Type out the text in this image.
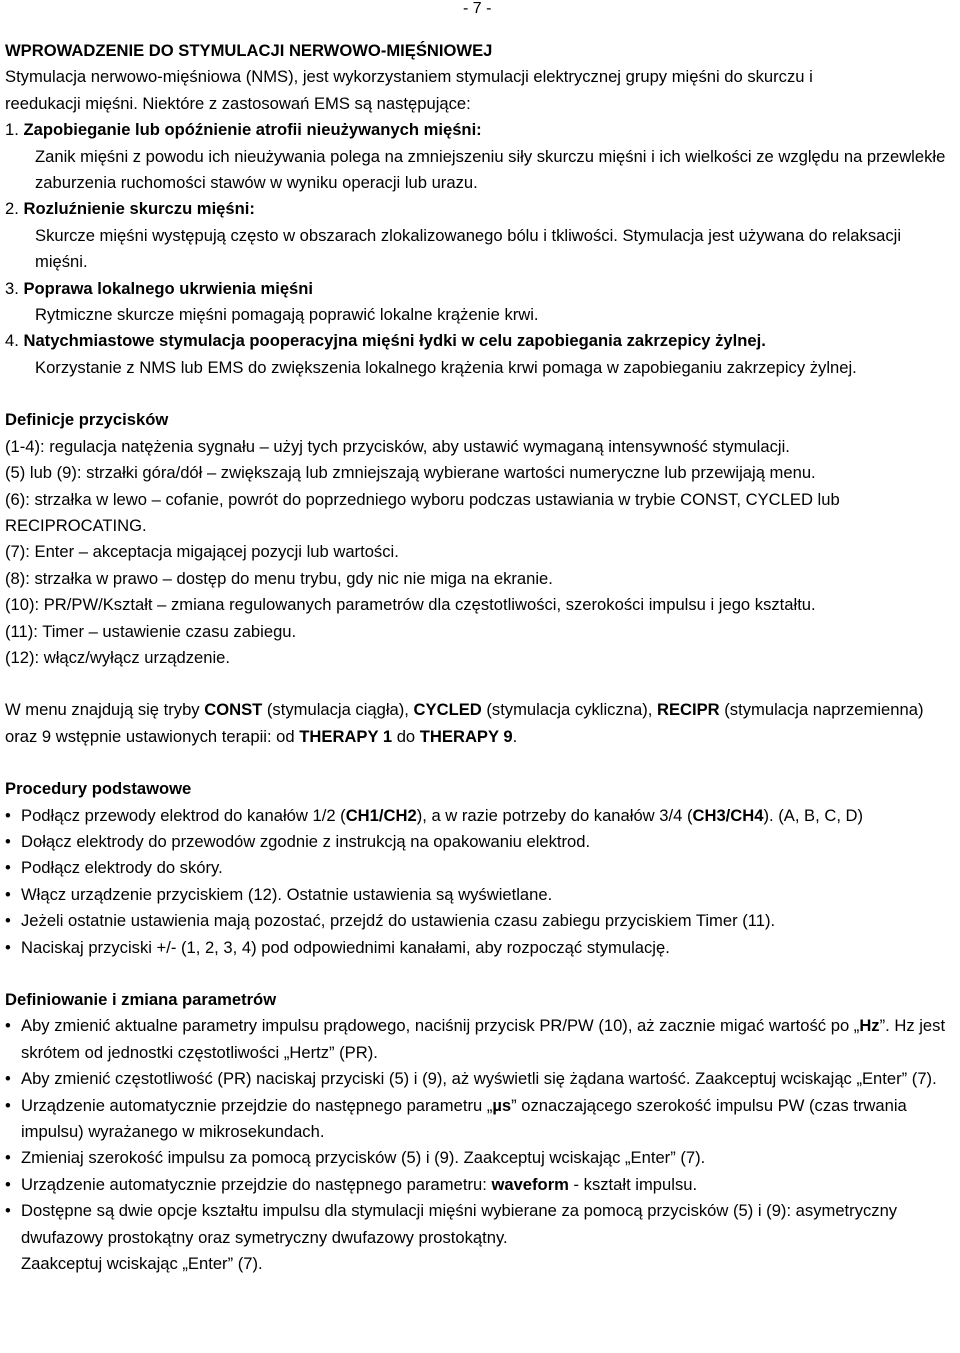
- 7 -

WPROWADZENIE DO STYMULACJI NERWOWO-MIĘŚNIOWEJ

Stymulacja nerwowo-mięśniowa (NMS), jest wykorzystaniem stymulacji elektrycznej grupy mięśni do skurczu i

reedukacji mięśni. Niektóre z zastosowań EMS są następujące:

1. Zapobieganie lub opóźnienie atrofii nieużywanych mięśni:

Zanik mięśni z powodu ich nieużywania polega na zmniejszeniu siły skurczu mięśni i ich wielkości ze względu na przewlekłe zaburzenia ruchomości stawów w wyniku operacji lub urazu.

2. Rozluźnienie skurczu mięśni:

Skurcze mięśni występują często w obszarach zlokalizowanego bólu i tkliwości. Stymulacja jest używana do relaksacji mięśni.

3. Poprawa lokalnego ukrwienia mięśni

Rytmiczne skurcze mięśni pomagają poprawić lokalne krążenie krwi.

4. Natychmiastowe stymulacja pooperacyjna mięśni łydki w celu zapobiegania zakrzepicy żylnej.

Korzystanie z NMS lub EMS do zwiększenia lokalnego krążenia krwi pomaga w zapobieganiu zakrzepicy żylnej.

Definicje przycisków

(1-4): regulacja natężenia sygnału – użyj tych przycisków, aby ustawić wymaganą intensywność stymulacji.

(5) lub (9): strzałki góra/dół – zwiększają lub zmniejszają wybierane wartości numeryczne lub przewijają menu.

(6): strzałka w lewo – cofanie, powrót do poprzedniego wyboru podczas ustawiania w trybie CONST, CYCLED lub RECIPROCATING.

(7): Enter – akceptacja migającej pozycji lub wartości.

(8): strzałka w prawo – dostęp do menu trybu, gdy nic nie miga na ekranie.

(10): PR/PW/Kształt – zmiana regulowanych parametrów dla częstotliwości, szerokości impulsu i jego kształtu.

(11): Timer – ustawienie czasu zabiegu.

(12): włącz/wyłącz urządzenie.

W menu znajdują się tryby CONST (stymulacja ciągła), CYCLED (stymulacja cykliczna), RECIPR (stymulacja naprzemienna) oraz 9 wstępnie ustawionych terapii: od THERAPY 1 do THERAPY 9.

Procedury podstawowe

• Podłącz przewody elektrod do kanałów 1/2 (CH1/CH2), a w razie potrzeby do kanałów 3/4 (CH3/CH4). (A, B, C, D)
• Dołącz elektrody do przewodów zgodnie z instrukcją na opakowaniu elektrod.
• Podłącz elektrody do skóry.
• Włącz urządzenie przyciskiem (12). Ostatnie ustawienia są wyświetlane.
• Jeżeli ostatnie ustawienia mają pozostać, przejdź do ustawienia czasu zabiegu przyciskiem Timer (11).
• Naciskaj przyciski +/- (1, 2, 3, 4) pod odpowiednimi kanałami, aby rozpocząć stymulację.

Definiowanie i zmiana parametrów

• Aby zmienić aktualne parametry impulsu prądowego, naciśnij przycisk PR/PW (10), aż zacznie migać wartość po „Hz”. Hz jest skrótem od jednostki częstotliwości „Hertz” (PR).
• Aby zmienić częstotliwość (PR) naciskaj przyciski (5) i (9), aż wyświetli się żądana wartość. Zaakceptuj wciskając „Enter” (7).
• Urządzenie automatycznie przejdzie do następnego parametru „µs” oznaczającego szerokość impulsu PW (czas trwania impulsu) wyrażanego w mikrosekundach.
• Zmieniaj szerokość impulsu za pomocą przycisków (5) i (9). Zaakceptuj wciskając „Enter” (7).
• Urządzenie automatycznie przejdzie do następnego parametru: waveform - kształt impulsu.
• Dostępne są dwie opcje kształtu impulsu dla stymulacji mięśni wybierane za pomocą przycisków (5) i (9): asymetryczny dwufazowy prostokątny oraz symetryczny dwufazowy prostokątny.
Zaakceptuj wciskając „Enter” (7).
